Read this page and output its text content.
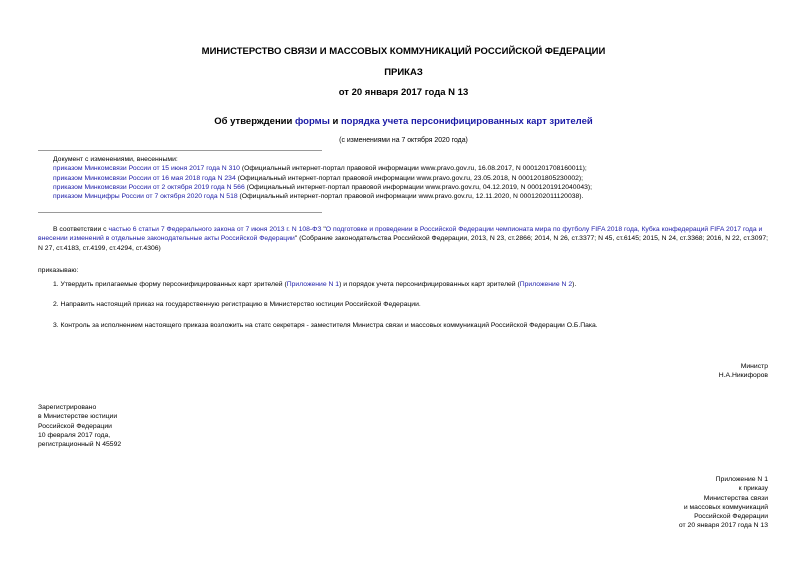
МИНИСТЕРСТВО СВЯЗИ И МАССОВЫХ КОММУНИКАЦИЙ РОССИЙСКОЙ ФЕДЕРАЦИИ
ПРИКАЗ
от 20 января 2017 года N 13
Об утверждении формы и порядка учета персонифицированных карт зрителей
(с изменениями на 7 октября 2020 года)
Документ с изменениями, внесенными:
приказом Минкомсвязи России от 15 июня 2017 года N 310 (Официальный интернет-портал правовой информации www.pravo.gov.ru, 16.08.2017, N 0001201708160011);
приказом Минкомсвязи России от 16 мая 2018 года N 234 (Официальный интернет-портал правовой информации www.pravo.gov.ru, 23.05.2018, N 0001201805230002);
приказом Минкомсвязи России от 2 октября 2019 года N 566 (Официальный интернет-портал правовой информации www.pravo.gov.ru, 04.12.2019, N 0001201912040043);
приказом Минцифры России от 7 октября 2020 года N 518 (Официальный интернет-портал правовой информации www.pravo.gov.ru, 12.11.2020, N 0001202011120038).
В соответствии с частью 6 статьи 7 Федерального закона от 7 июня 2013 г. N 108-ФЗ "О подготовке и проведении в Российской Федерации чемпионата мира по футболу FIFA 2018 года, Кубка конфедераций FIFA 2017 года и внесении изменений в отдельные законодательные акты Российской Федерации" (Собрание законодательства Российской Федерации, 2013, N 23, ст.2866; 2014, N 26, ст.3377; N 45, ст.6145; 2015, N 24, ст.3368; 2016, N 22, ст.3097; N 27, ст.4183, ст.4199, ст.4294, ст.4306)
приказываю:
1. Утвердить прилагаемые форму персонифицированных карт зрителей (Приложение N 1) и порядок учета персонифицированных карт зрителей (Приложение N 2).
2. Направить настоящий приказ на государственную регистрацию в Министерство юстиции Российской Федерации.
3. Контроль за исполнением настоящего приказа возложить на статс секретаря - заместителя Министра связи и массовых коммуникаций Российской Федерации О.Б.Пака.
Министр
Н.А.Никифоров
Зарегистрировано
в Министерстве юстиции
Российской Федерации
10 февраля 2017 года,
регистрационный N 45592
Приложение N 1
к приказу
Министерства связи
и массовых коммуникаций
Российской Федерации
от 20 января 2017 года N 13
